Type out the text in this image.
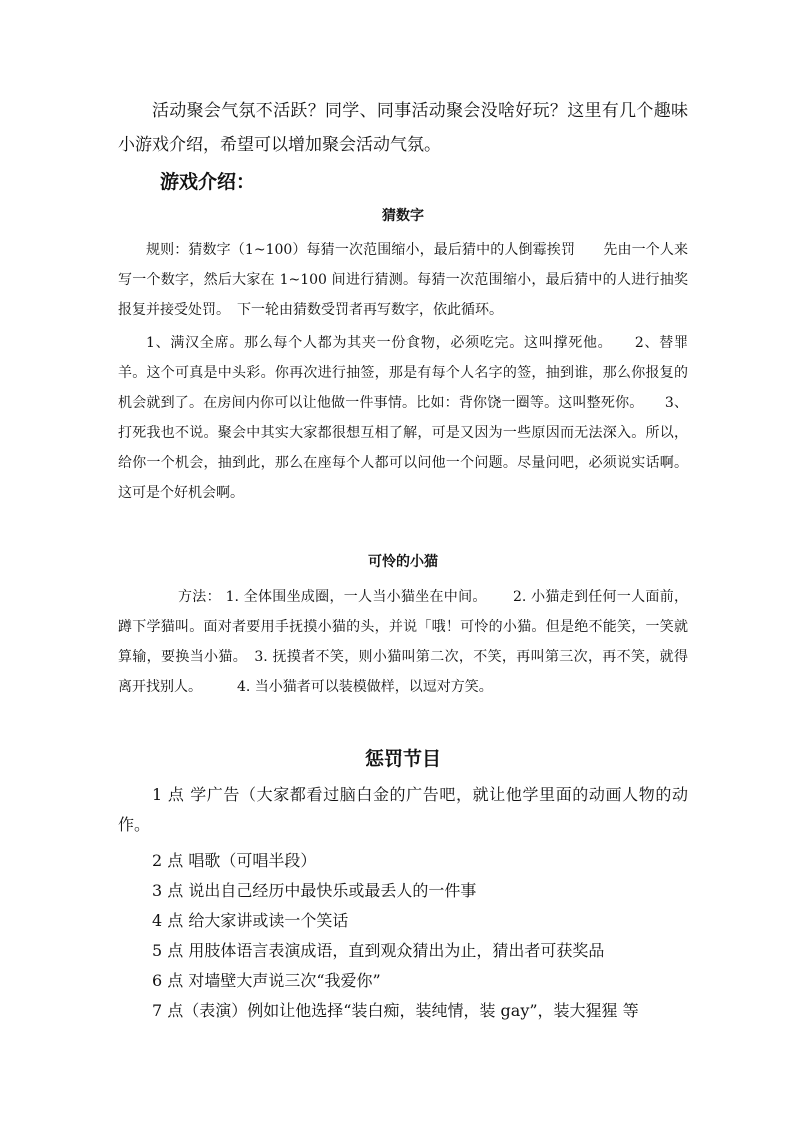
活动聚会气氛不活跃？同学、同事活动聚会没啥好玩？这里有几个趣味小游戏介绍，希望可以增加聚会活动气氛。

游戏介绍：
猜数字

规则：猜数字（1~100）每猜一次范围缩小，最后猜中的人倒霉挨罚　　先由一个人来写一个数字，然后大家在 1~100 间进行猜测。每猜一次范围缩小，最后猜中的人进行抽奖报复并接受处罚。　下一轮由猜数受罚者再写数字，依此循环。

1、满汉全席。那么每个人都为其夹一份食物，必须吃完。这叫撑死他。　　2、替罪羊。这个可真是中头彩。你再次进行抽签，那是有每个人名字的签，抽到谁，那么你报复的机会就到了。在房间内你可以让他做一件事情。比如：背你饶一圈等。这叫整死你。　　3、打死我也不说。聚会中其实大家都很想互相了解，可是又因为一些原因而无法深入。所以，给你一个机会，抽到此，那么在座每个人都可以问他一个问题。尽量问吧，必须说实话啊。这可是个好机会啊。

可怜的小猫

方法： 1. 全体围坐成圈，一人当小猫坐在中间。　　 2. 小猫走到任何一人面前，蹲下学猫叫。面对者要用手抚摸小猫的头，并说「哦！可怜的小猫。但是绝不能笑，一笑就算输，要换当小猫。　3. 抚摸者不笑，则小猫叫第二次，不笑，再叫第三次，再不笑，就得离开找别人。　　　4. 当小猫者可以装模做样，以逗对方笑。

惩罚节目
1 点 学广告（大家都看过脑白金的广告吧，就让他学里面的动画人物的动作。
2 点 唱歌（可唱半段）
3 点 说出自己经历中最快乐或最丢人的一件事
4 点 给大家讲或读一个笑话
5 点 用肢体语言表演成语，直到观众猜出为止，猜出者可获奖品
6 点 对墙壁大声说三次“我爱你”
7 点（表演）例如让他选择“装白痴，装纯情，装 gay”，装大猩猩 等
